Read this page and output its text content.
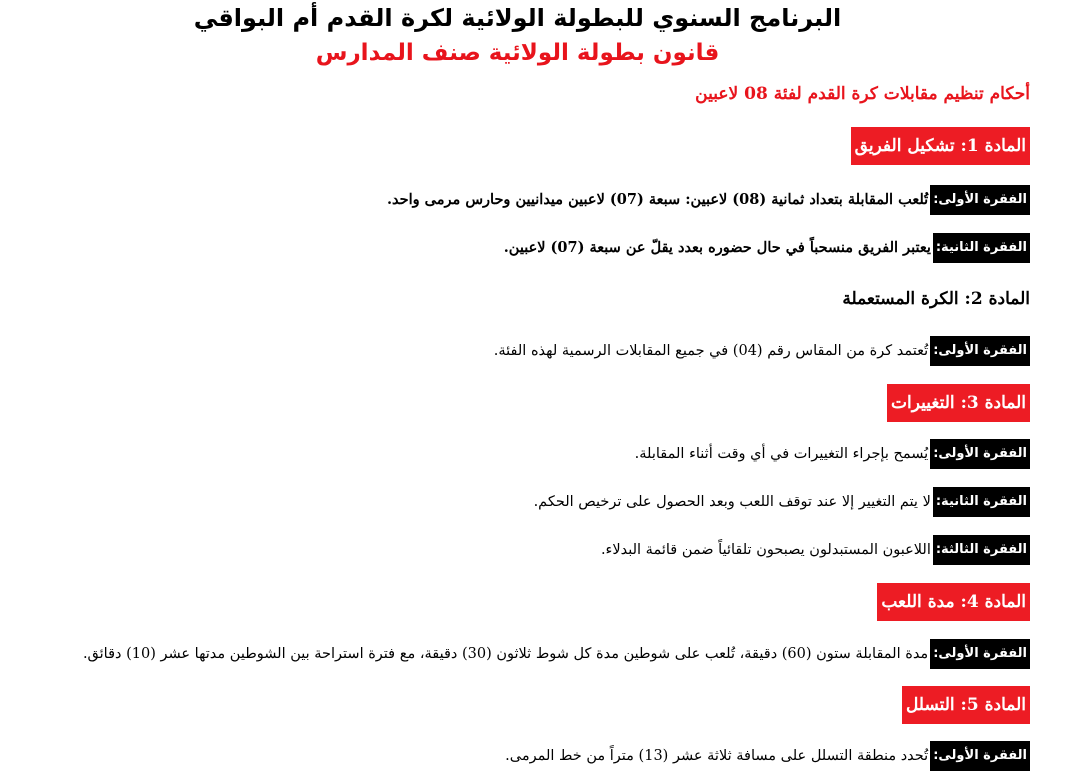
البرنامج السنوي للبطولة الولائية لكرة القدم أم البواقي
قانون بطولة الولائية صنف المدارس
أحكام تنظيم مقابلات كرة القدم لفئة 08 لاعبين
المادة 1: تشكيل الفريق
الفقرة الأولى:
تُلعب المقابلة بتعداد ثمانية (08) لاعبين: سبعة (07) لاعبين ميدانيين وحارس مرمى واحد.
الفقرة الثانية:
يعتبر الفريق منسحباً في حال حضوره بعدد يقلّ عن سبعة (07) لاعبين.
المادة 2: الكرة المستعملة
الفقرة الأولى:
تُعتمد كرة من المقاس رقم (04) في جميع المقابلات الرسمية لهذه الفئة.
المادة 3: التغييرات
الفقرة الأولى:
يُسمح بإجراء التغييرات في أي وقت أثناء المقابلة.
الفقرة الثانية:
لا يتم التغيير إلا عند توقف اللعب وبعد الحصول على ترخيص الحكم.
الفقرة الثالثة:
اللاعبون المستبدلون يصبحون تلقائياً ضمن قائمة البدلاء.
المادة 4: مدة اللعب
الفقرة الأولى:
مدة المقابلة ستون (60) دقيقة، تُلعب على شوطين مدة كل شوط ثلاثون (30) دقيقة، مع فترة استراحة بين الشوطين مدتها عشر (10) دقائق.
المادة 5: التسلل
الفقرة الأولى:
تُحدد منطقة التسلل على مسافة ثلاثة عشر (13) متراً من خط المرمى.
